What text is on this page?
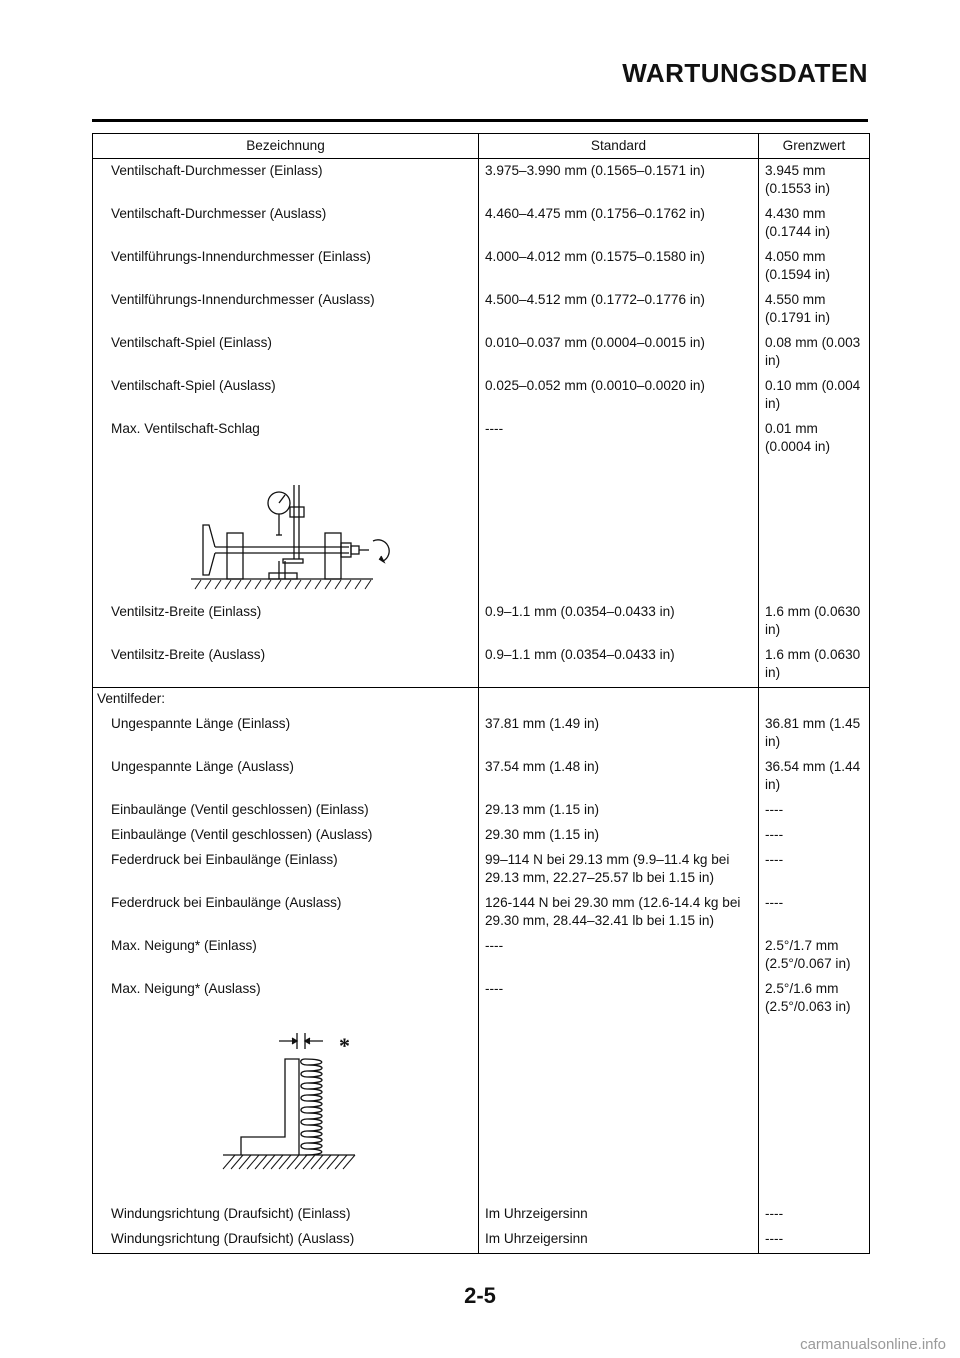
WARTUNGSDATEN
Bezeichnung	Standard	Grenzwert
Ventilschaft-Durchmesser (Einlass)	3.975–3.990 mm (0.1565–0.1571 in)	3.945 mm
(0.1553 in)
Ventilschaft-Durchmesser (Auslass)	4.460–4.475 mm (0.1756–0.1762 in)	4.430 mm
(0.1744 in)
Ventilführungs-Innendurchmesser (Einlass)	4.000–4.012 mm (0.1575–0.1580 in)	4.050 mm
(0.1594 in)
Ventilführungs-Innendurchmesser (Auslass)	4.500–4.512 mm (0.1772–0.1776 in)	4.550 mm
(0.1791 in)
Ventilschaft-Spiel (Einlass)	0.010–0.037 mm (0.0004–0.0015 in)	0.08 mm (0.003
in)
Ventilschaft-Spiel (Auslass)	0.025–0.052 mm (0.0010–0.0020 in)	0.10 mm (0.004
in)
Max. Ventilschaft-Schlag	----	0.01 mm
(0.0004 in)

Ventilsitz-Breite (Einlass)	0.9–1.1 mm (0.0354–0.0433 in)	1.6 mm (0.0630
in)
Ventilsitz-Breite (Auslass)	0.9–1.1 mm (0.0354–0.0433 in)	1.6 mm (0.0630
in)
Ventilfeder:		
Ungespannte Länge (Einlass)	37.81 mm (1.49 in)	36.81 mm (1.45
in)
Ungespannte Länge (Auslass)	37.54 mm (1.48 in)	36.54 mm (1.44
in)
Einbaulänge (Ventil geschlossen) (Einlass)	29.13 mm (1.15 in)	----
Einbaulänge (Ventil geschlossen) (Auslass)	29.30 mm (1.15 in)	----
Federdruck bei Einbaulänge (Einlass)	99–114 N bei 29.13 mm (9.9–11.4 kg bei
29.13 mm, 22.27–25.57 lb bei 1.15 in)	----
Federdruck bei Einbaulänge (Auslass)	126-144 N bei 29.30 mm (12.6-14.4 kg bei
29.30 mm, 28.44–32.41 lb bei 1.15 in)	----
Max. Neigung* (Einlass)	----	2.5°/1.7 mm
(2.5°/0.067 in)
Max. Neigung* (Auslass)	----	2.5°/1.6 mm
(2.5°/0.063 in)

*		

Windungsrichtung (Draufsicht) (Einlass)	Im Uhrzeigersinn	----
Windungsrichtung (Draufsicht) (Auslass)	Im Uhrzeigersinn	----
2-5
carmanualsonline.info
